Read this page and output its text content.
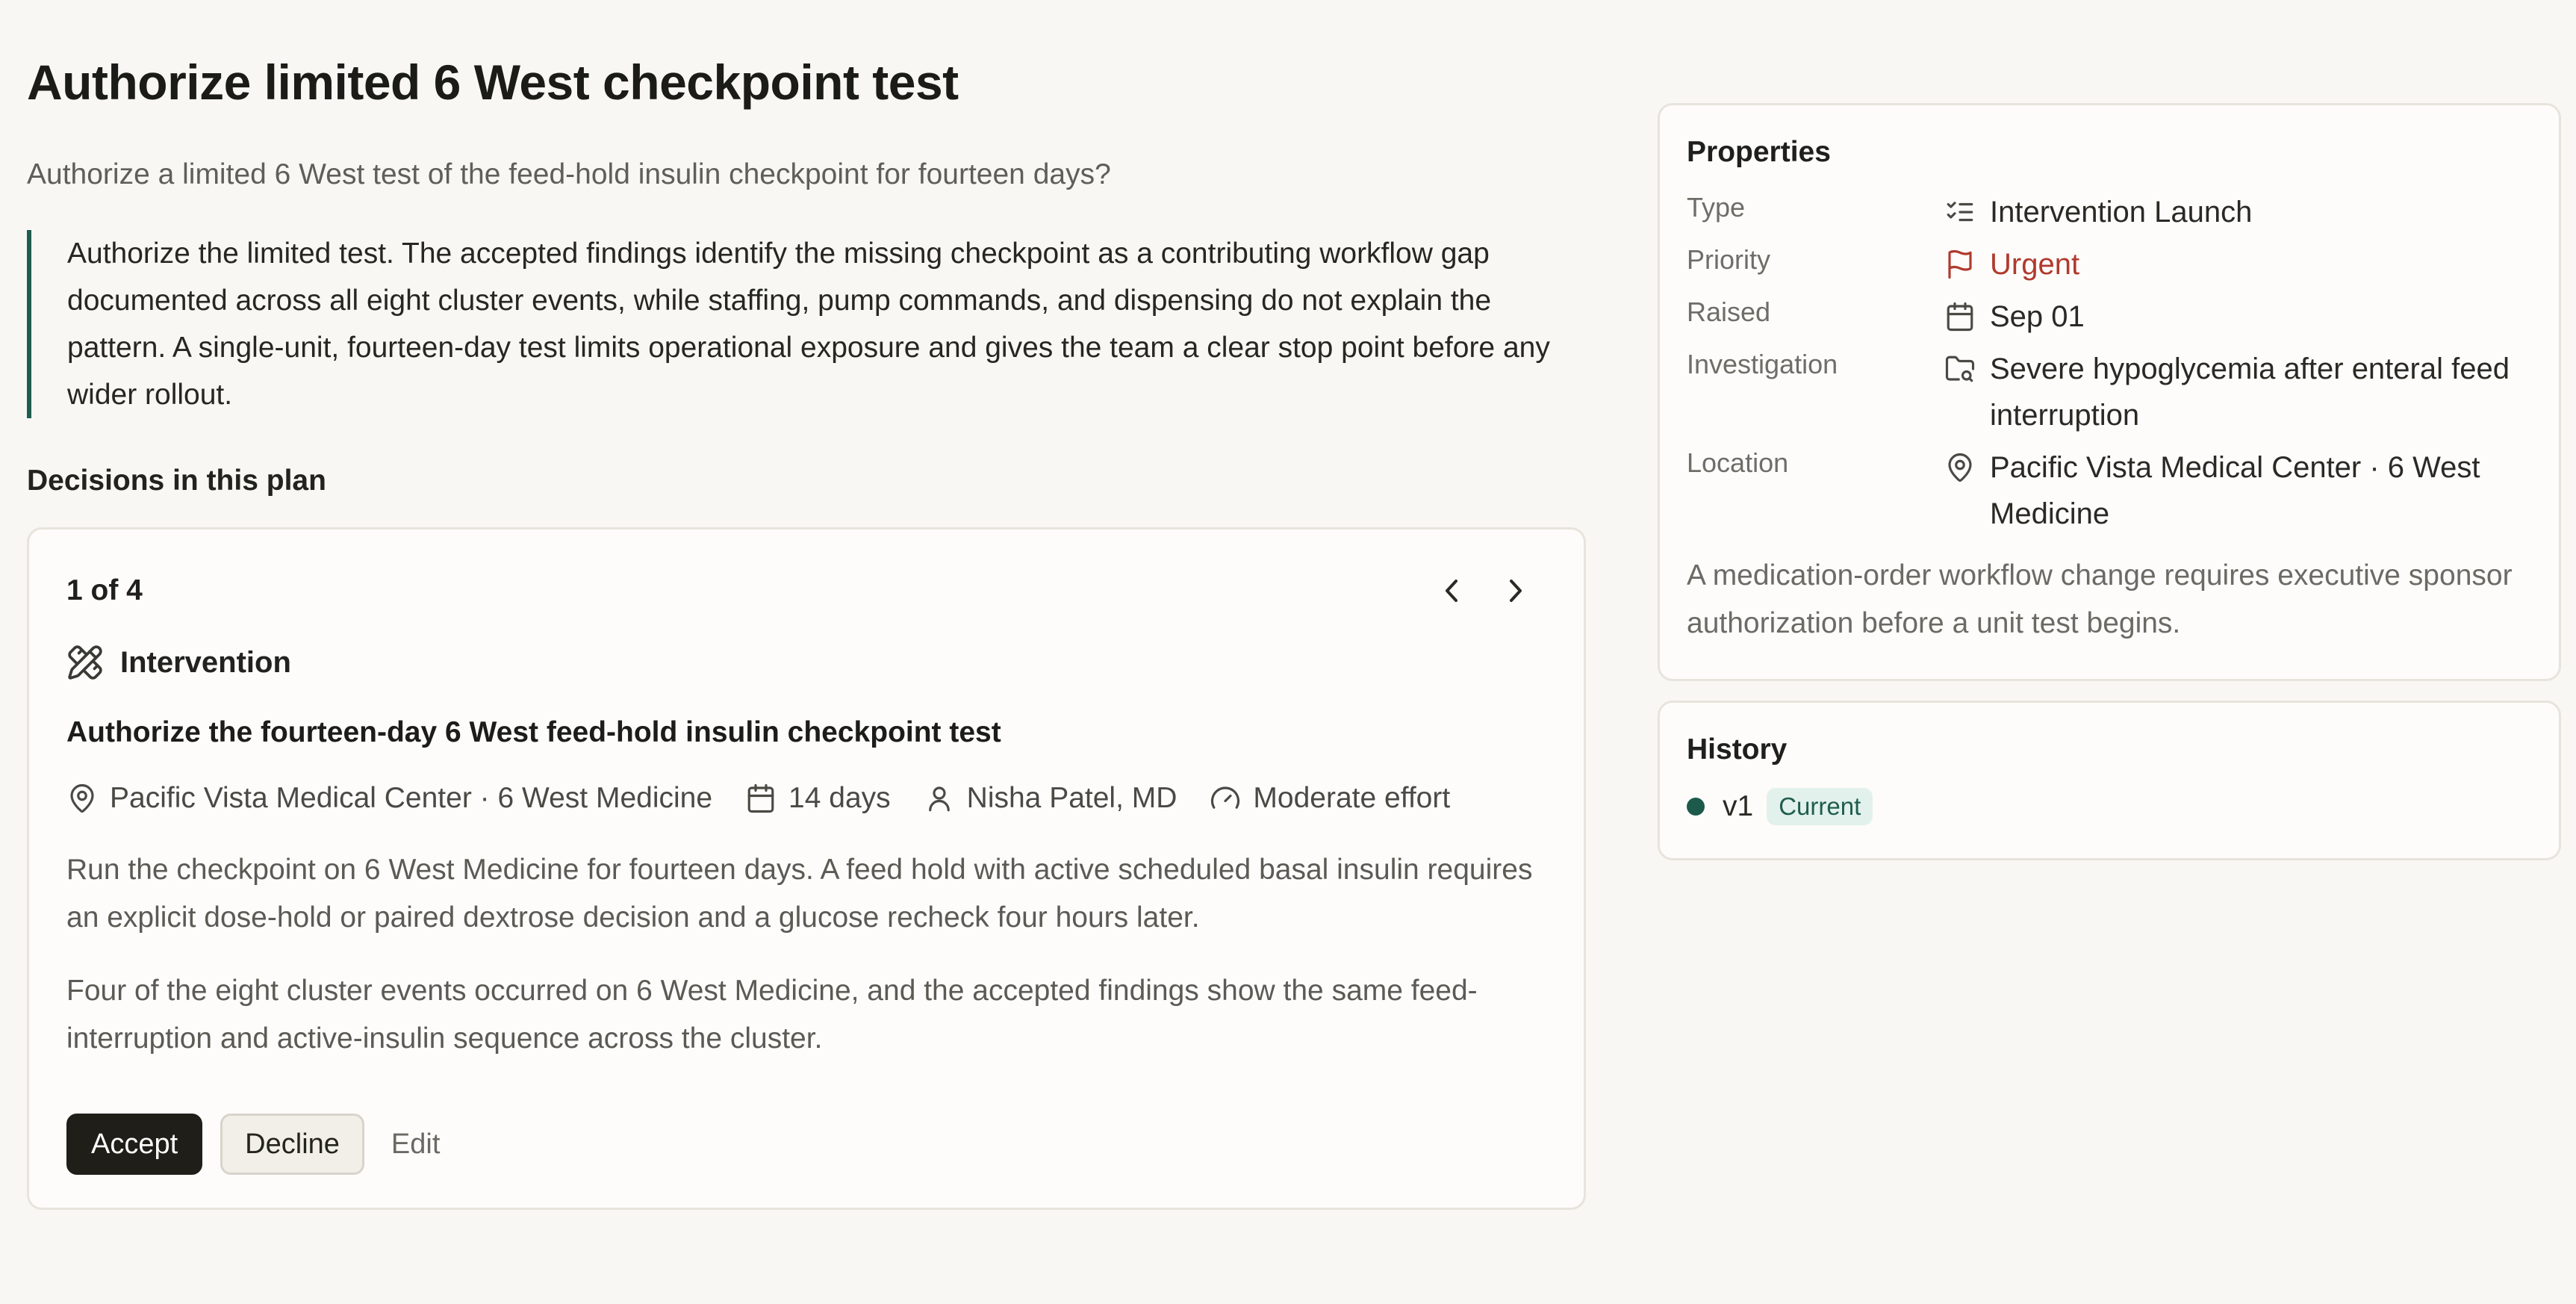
Authorize limited 6 West checkpoint test

Authorize a limited 6 West test of the feed-hold insulin checkpoint for fourteen days?

Authorize the limited test. The accepted findings identify the missing checkpoint as a contributing workflow gap documented across all eight cluster events, while staffing, pump commands, and dispensing do not explain the pattern. A single-unit, fourteen-day test limits operational exposure and gives the team a clear stop point before any wider rollout.
Decisions in this plan
1 of 4
Intervention
Authorize the fourteen-day 6 West feed-hold insulin checkpoint test
Pacific Vista Medical Center · 6 West Medicine	14 days	Nisha Patel, MD	Moderate effort

Run the checkpoint on 6 West Medicine for fourteen days. A feed hold with active scheduled basal insulin requires an explicit dose-hold or paired dextrose decision and a glucose recheck four hours later.

Four of the eight cluster events occurred on 6 West Medicine, and the accepted findings show the same feed-interruption and active-insulin sequence across the cluster.

Accept	Decline	Edit
Properties
Type	Intervention Launch
Priority	Urgent
Raised	Sep 01
Investigation	Severe hypoglycemia after enteral feed interruption
Location	Pacific Vista Medical Center · 6 West Medicine

A medication-order workflow change requires executive sponsor authorization before a unit test begins.

History
v1	Current
